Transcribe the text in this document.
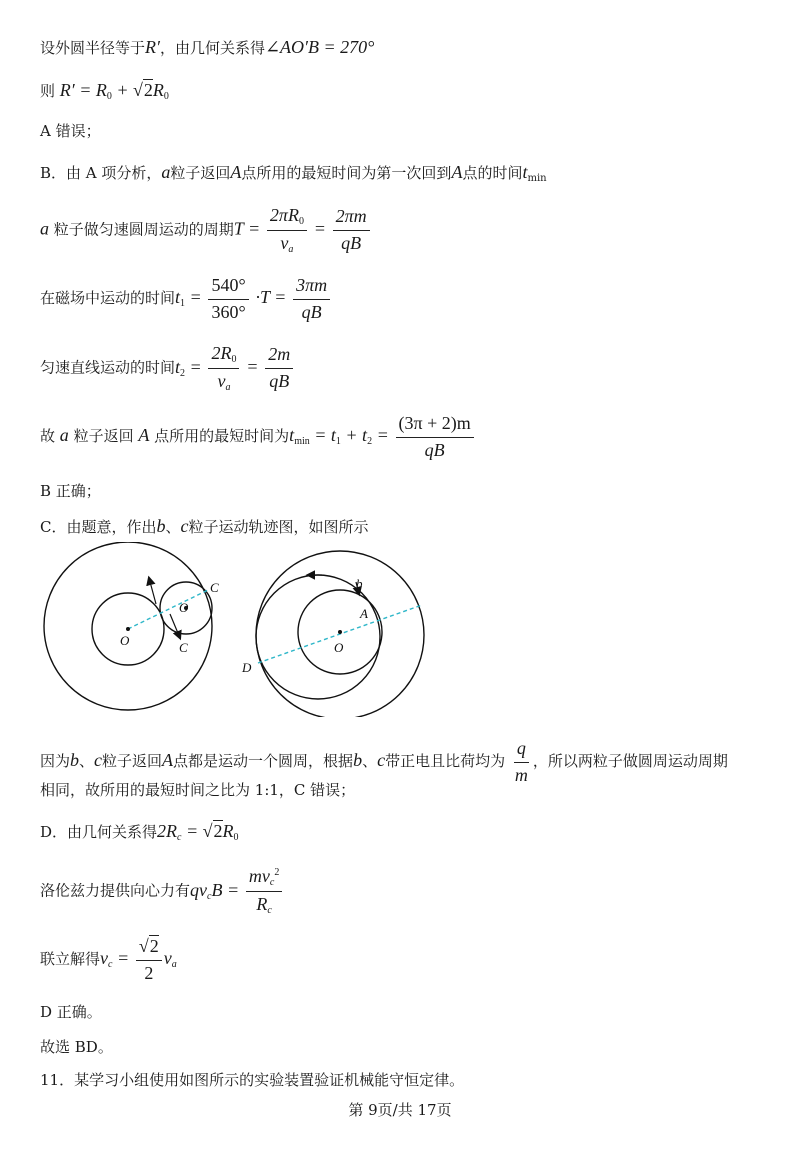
设外圆半径等于R′，由几何关系得∠AO′B = 270°
则 $R' = R_0 + √2R_0$
A 错误；
B．由 A 项分析，a粒子返回A点所用的最短时间为第一次回到A点的时间$t_{min}$
a 粒子做匀速圆周运动的周期$T = \frac{2\pi R_0}{v_a} = \frac{2\pi m}{qB}$
在磁场中运动的时间$t_1 = \frac{540^\circ}{360^\circ} \cdot T = \frac{3\pi m}{qB}$
匀速直线运动的时间$t_2 = \frac{2R_0}{v_a} = \frac{2m}{qB}$
故 a 粒子返回 A 点所用的最短时间为$t_{min} = t_1 + t_2 = \frac{(3\pi + 2)m}{qB}$
B 正确；
C．由题意，作出b、c粒子运动轨迹图，如图所示
C
O
O	C
b
A
O
D
因为b、c粒子返回A点都是运动一个圆周，根据b、c带正电且比荷均为 $\frac{q}{m}$ ，所以两粒子做圆周运动周期
相同，故所用的最短时间之比为 1:1，C 错误；
D．由几何关系得$2R_c = √2R_0$
洛伦兹力提供向心力有$qv_cB = \frac{mv_c^2}{R_c}$
联立解得$v_c = \frac{√2}{2} v_a$
D 正确。
故选 BD。
11．某学习小组使用如图所示的实验装置验证机械能守恒定律。
第 9页/共 17页
